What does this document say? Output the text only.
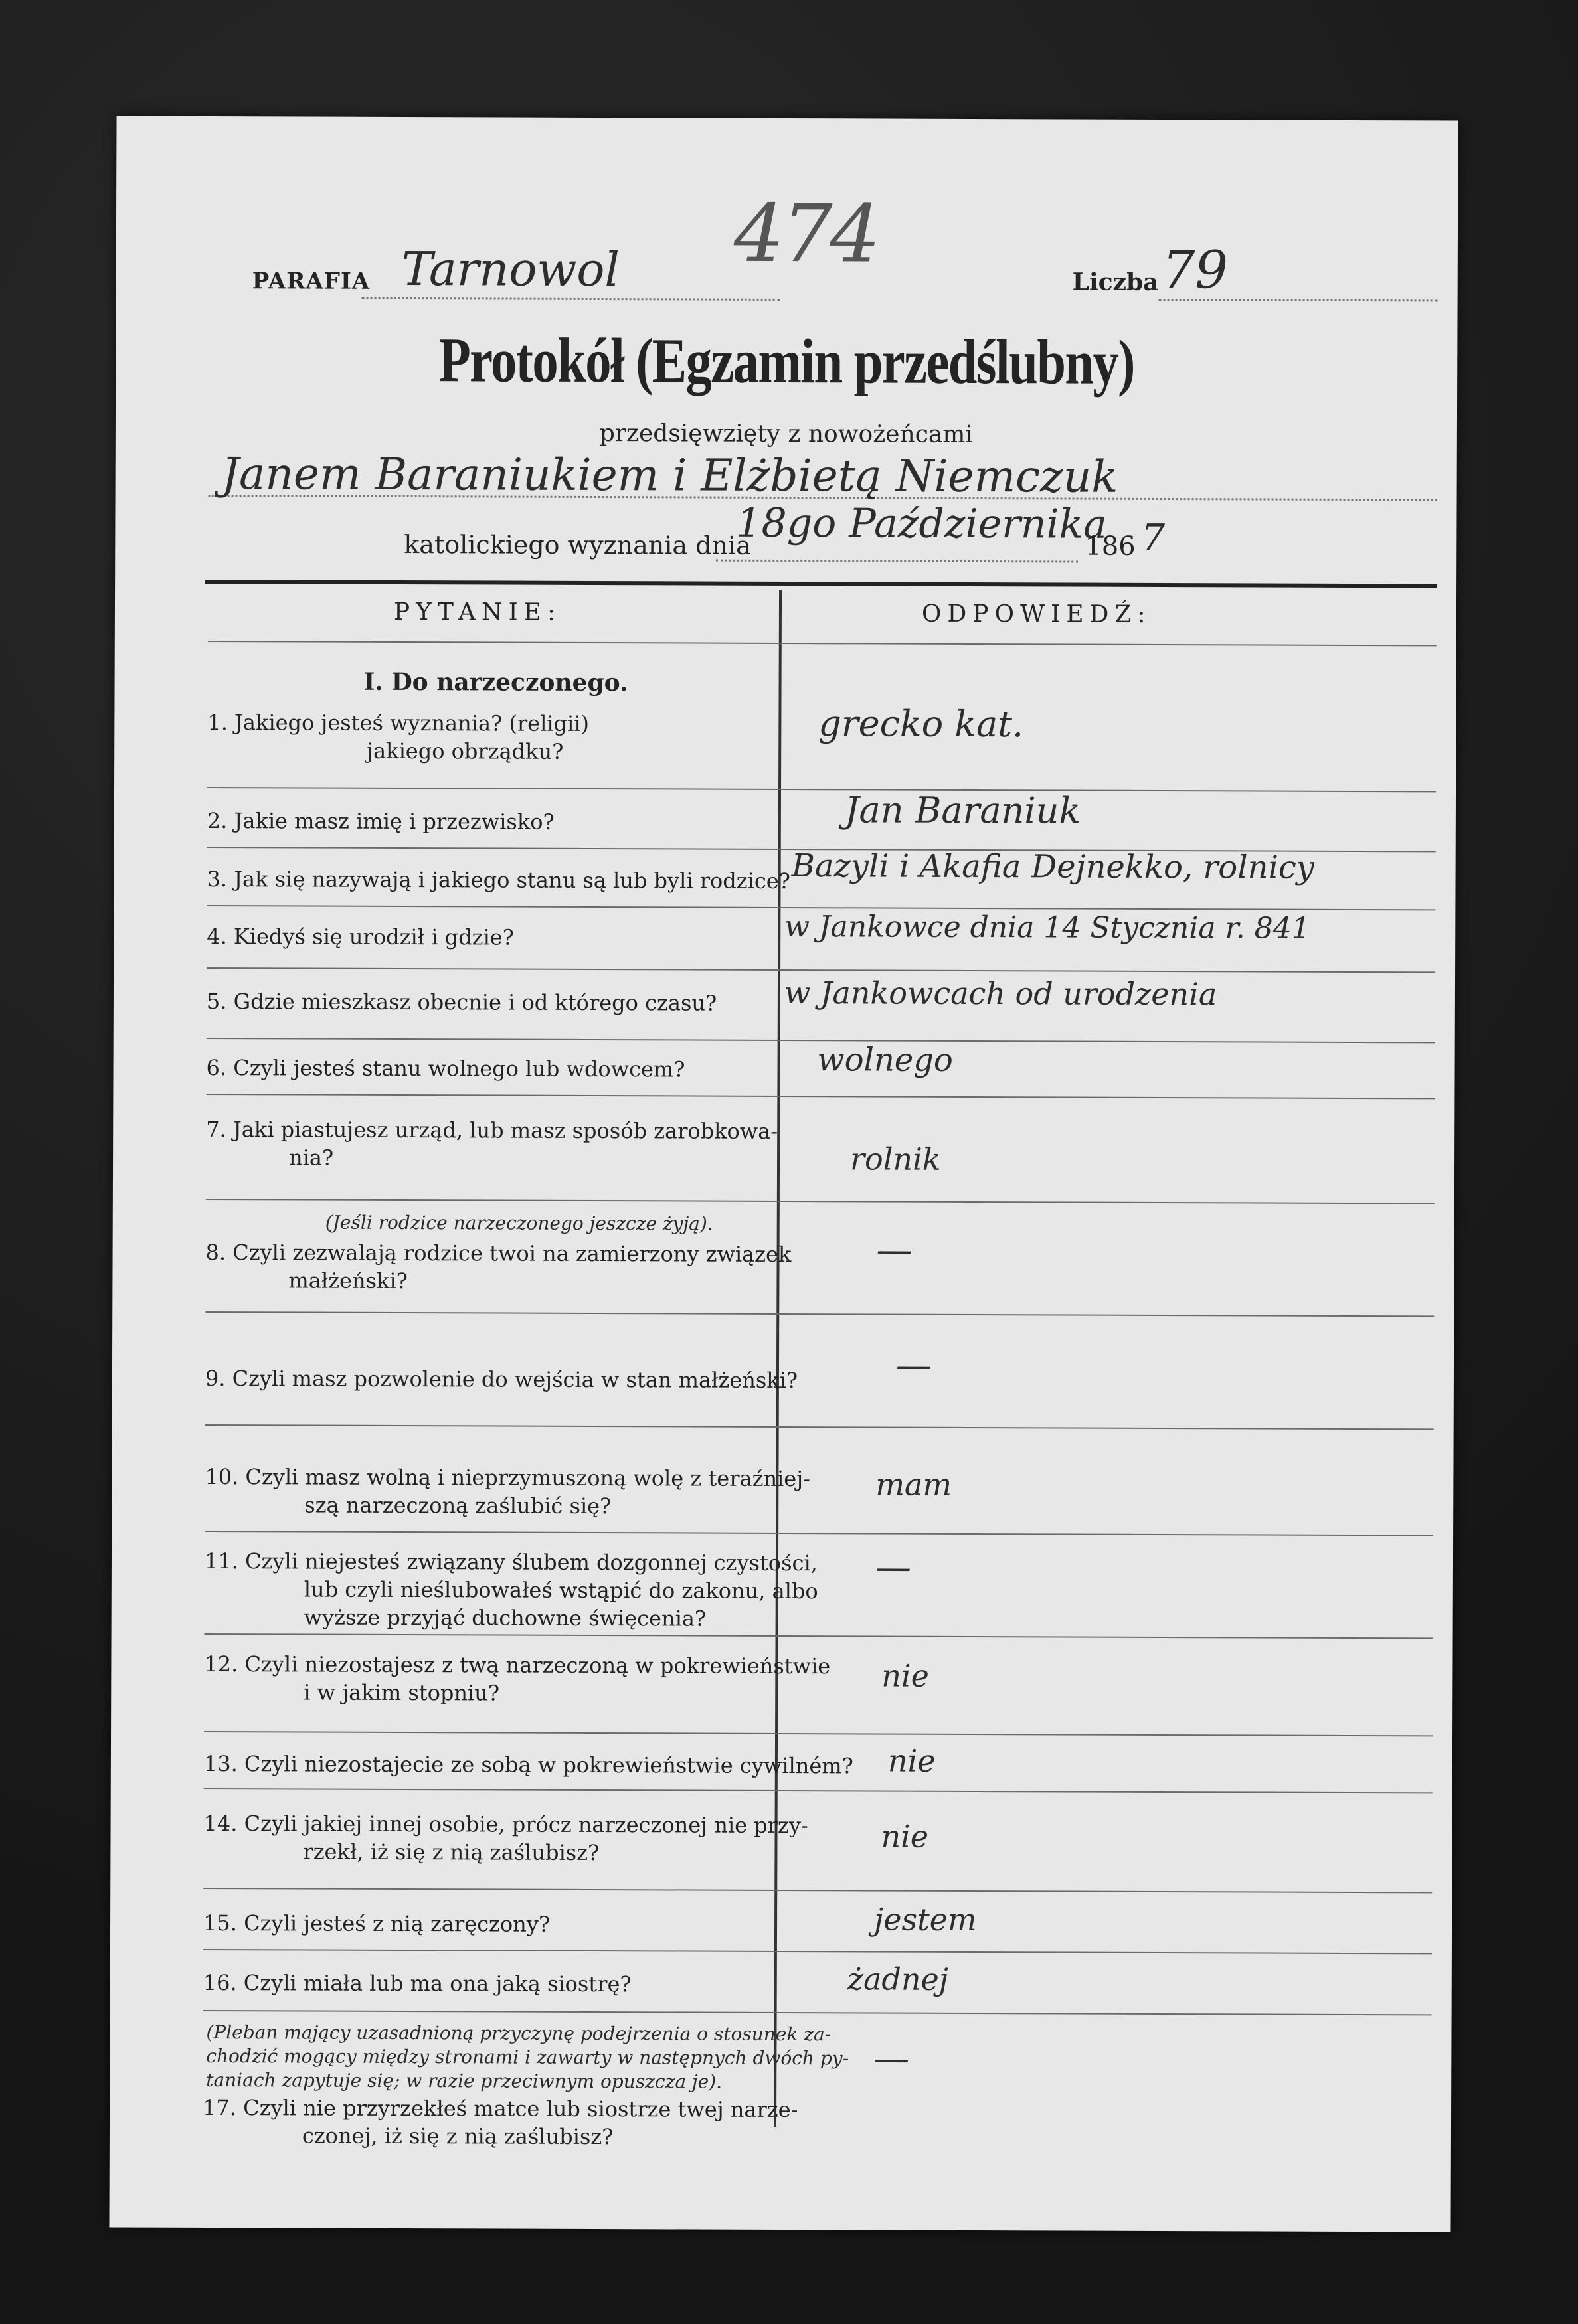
474
PARAFIA Tarnowol	Liczba 79
Protokół (Egzamin przedślubny)
przedsięwzięty z nowożeńcami
Janem Baraniukiem i Elżbietą Niemczuk
katolickiego wyznania dnia
18go Października
186 7
PYTANIE:	ODPOWIEDŹ:
I. Do narzeczonego.
1. Jakiego jesteś wyznania? (religii)
jakiego obrządku?
grecko kat.
2. Jakie masz imię i przezwisko?	Jan Baraniuk
3. Jak się nazywają i jakiego stanu są lub byli rodzice? Bazyli i Akafia Dejnekko, rolnicy
4. Kiedyś się urodził i gdzie?	w Jankowce dnia 14 Stycznia r. 841
5. Gdzie mieszkasz obecnie i od którego czasu? w Jankowcach od urodzenia
6. Czyli jesteś stanu wolnego lub wdowcem?	wolnego
7. Jaki piastujesz urząd, lub masz sposób zarobkowa-
nia?	rolnik
(Jeśli rodzice narzeczonego jeszcze żyją).
8. Czyli zezwalają rodzice twoi na zamierzony związek
małżeński?
—
9. Czyli masz pozwolenie do wejścia w stan małżeński?	—
10. Czyli masz wolną i nieprzymuszoną wolę z teraźniej-
szą narzeczoną zaślubić się?
mam
11. Czyli niejesteś związany ślubem dozgonnej czystości,
lub czyli nieślubowałeś wstąpić do zakonu, albo
wyższe przyjąć duchowne święcenia?
—
12. Czyli niezostajesz z twą narzeczoną w pokrewieństwie
i w jakim stopniu?	nie
13. Czyli niezostajecie ze sobą w pokrewieństwie cywilném? nie
14. Czyli jakiej innej osobie, prócz narzeczonej nie przy-
rzekł, iż się z nią zaślubisz?	nie
15. Czyli jesteś z nią zaręczony?	jestem
16. Czyli miała lub ma ona jaką siostrę?	żadnej
(Pleban mający uzasadnioną przyczynę podejrzenia o stosunek za-
chodzić mogący między stronami i zawarty w następnych dwóch py-
taniach zapytuje się; w razie przeciwnym opuszcza je).
17. Czyli nie przyrzekłeś matce lub siostrze twej narze-
czonej, iż się z nią zaślubisz?
—
